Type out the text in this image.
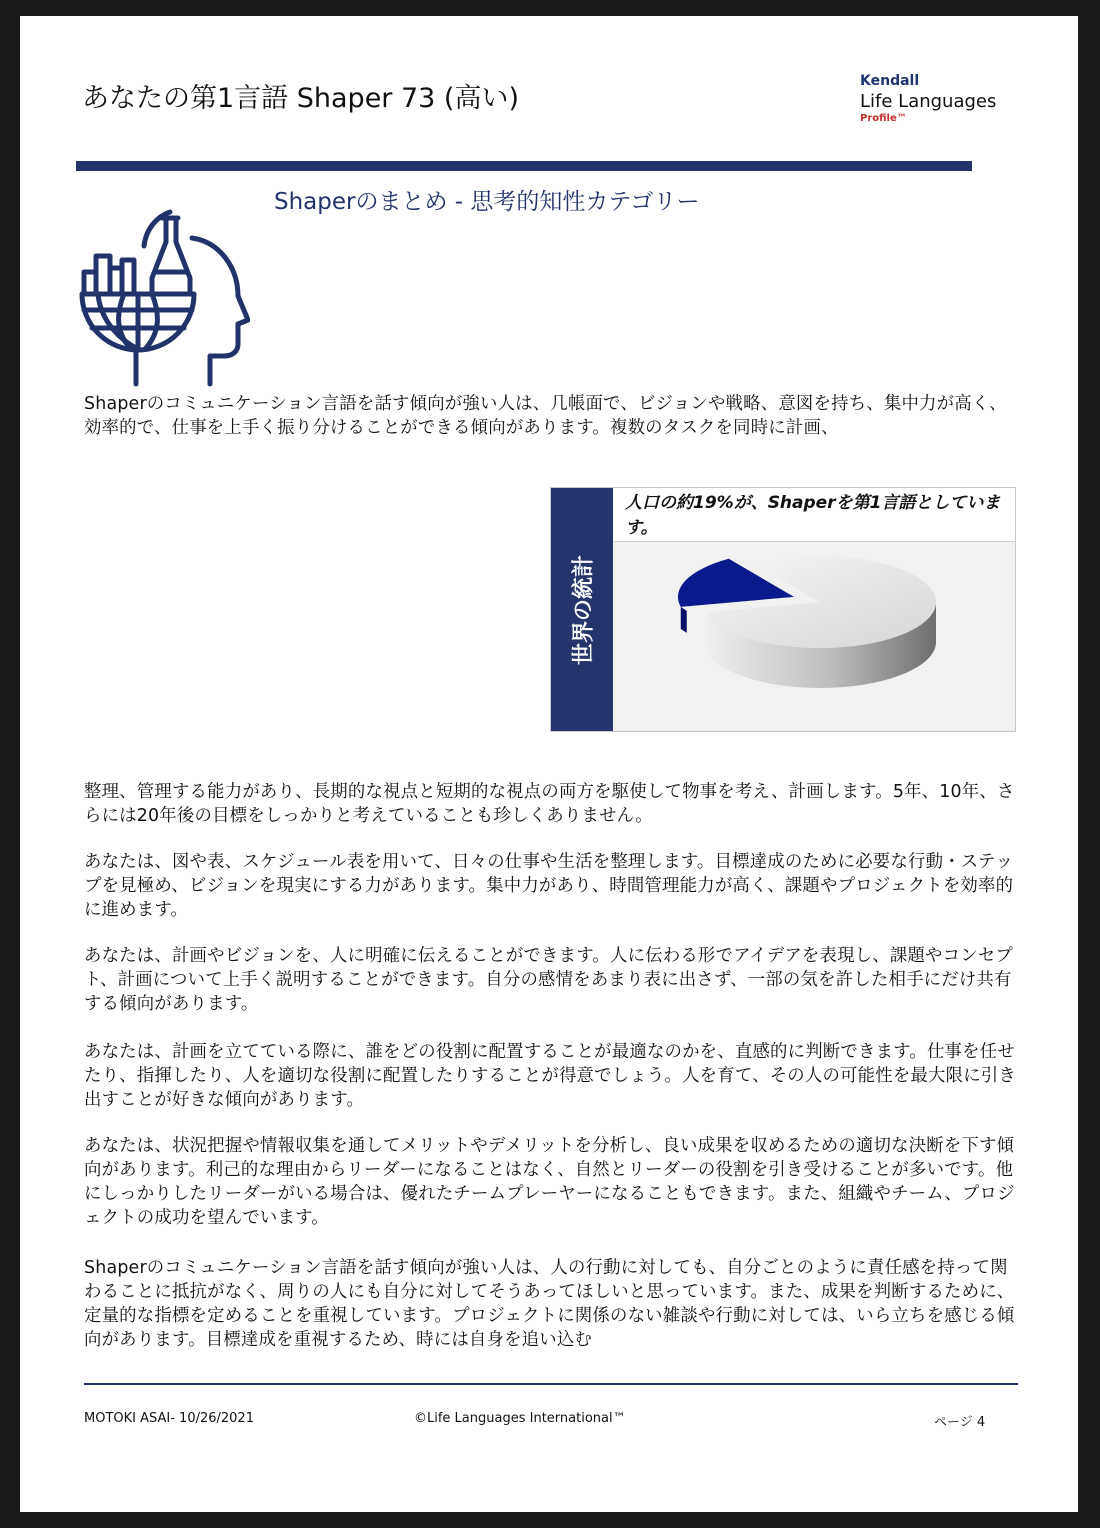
あなたの第1言語 Shaper 73 (高い)
Kendall
Life Languages
Profile™
Shaperのまとめ - 思考的知性カテゴリー

Shaperのコミュニケーション言語を話す傾向が強い人は、几帳面で、ビジョンや戦略、意図を持ち、集中力が高く、効率的で、仕事を上手く振り分けることができる傾向があります。複数のタスクを同時に計画、

世界の統計
人口の約19%が、Shaperを第1言語としています。

整理、管理する能力があり、長期的な視点と短期的な視点の両方を駆使して物事を考え、計画します。5年、10年、さらには20年後の目標をしっかりと考えていることも珍しくありません。

あなたは、図や表、スケジュール表を用いて、日々の仕事や生活を整理します。目標達成のために必要な行動・ステップを見極め、ビジョンを現実にする力があります。集中力があり、時間管理能力が高く、課題やプロジェクトを効率的に進めます。

あなたは、計画やビジョンを、人に明確に伝えることができます。人に伝わる形でアイデアを表現し、課題やコンセプト、計画について上手く説明することができます。自分の感情をあまり表に出さず、一部の気を許した相手にだけ共有する傾向があります。

あなたは、計画を立てている際に、誰をどの役割に配置することが最適なのかを、直感的に判断できます。仕事を任せたり、指揮したり、人を適切な役割に配置したりすることが得意でしょう。人を育て、その人の可能性を最大限に引き出すことが好きな傾向があります。

あなたは、状況把握や情報収集を通してメリットやデメリットを分析し、良い成果を収めるための適切な決断を下す傾向があります。利己的な理由からリーダーになることはなく、自然とリーダーの役割を引き受けることが多いです。他にしっかりしたリーダーがいる場合は、優れたチームプレーヤーになることもできます。また、組織やチーム、プロジェクトの成功を望んでいます。

Shaperのコミュニケーション言語を話す傾向が強い人は、人の行動に対しても、自分ごとのように責任感を持って関わることに抵抗がなく、周りの人にも自分に対してそうあってほしいと思っています。また、成果を判断するために、定量的な指標を定めることを重視しています。プロジェクトに関係のない雑談や行動に対しては、いら立ちを感じる傾向があります。目標達成を重視するため、時には自身を追い込む

MOTOKI ASAI- 10/26/2021	©Life Languages International™	ページ 4
